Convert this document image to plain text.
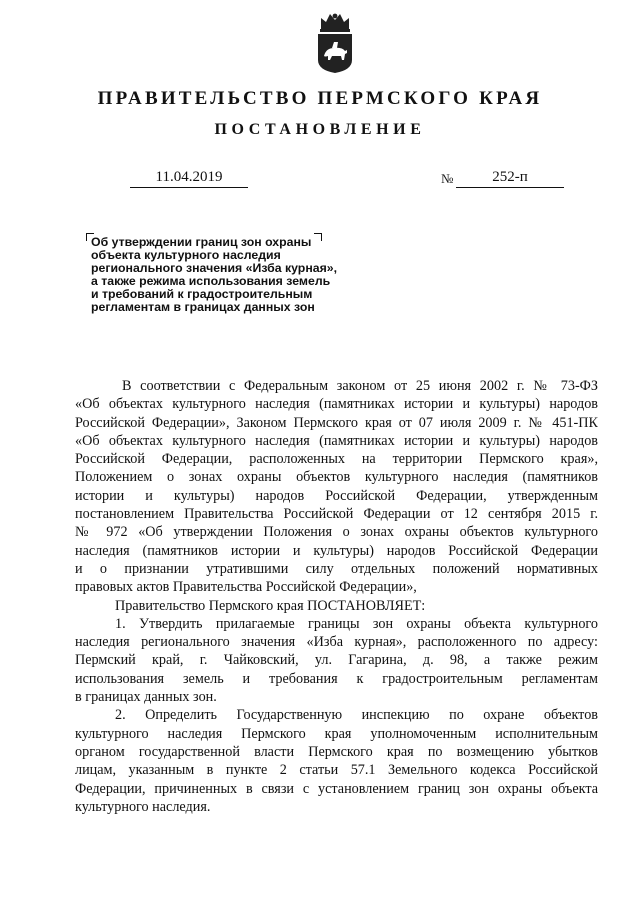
ПРАВИТЕЛЬСТВО ПЕРМСКОГО КРАЯ
ПОСТАНОВЛЕНИЕ
11.04.2019	№	252-п
Об утверждении границ зон охраны
объекта культурного наследия
регионального значения «Изба курная»,
а также режима использования земель
и требований к градостроительным
регламентам в границах данных зон
В соответствии с Федеральным законом от 25 июня 2002 г. № 73-ФЗ
«Об объектах культурного наследия (памятниках истории и культуры) народов
Российской Федерации», Законом Пермского края от 07 июля 2009 г. № 451-ПК
«Об объектах культурного наследия (памятниках истории и культуры) народов
Российской Федерации, расположенных на территории Пермского края»,
Положением о зонах охраны объектов культурного наследия (памятников
истории и культуры) народов Российской Федерации, утвержденным
постановлением Правительства Российской Федерации от 12 сентября 2015 г.
№ 972 «Об утверждении Положения о зонах охраны объектов культурного
наследия (памятников истории и культуры) народов Российской Федерации
и о признании утратившими силу отдельных положений нормативных
правовых актов Правительства Российской Федерации»,
Правительство Пермского края ПОСТАНОВЛЯЕТ:
1. Утвердить прилагаемые границы зон охраны объекта культурного
наследия регионального значения «Изба курная», расположенного по адресу:
Пермский край, г. Чайковский, ул. Гагарина, д. 98, а также режим
использования земель и требования к градостроительным регламентам
в границах данных зон.
2. Определить Государственную инспекцию по охране объектов
культурного наследия Пермского края уполномоченным исполнительным
органом государственной власти Пермского края по возмещению убытков
лицам, указанным в пункте 2 статьи 57.1 Земельного кодекса Российской
Федерации, причиненных в связи с установлением границ зон охраны объекта
культурного наследия.
